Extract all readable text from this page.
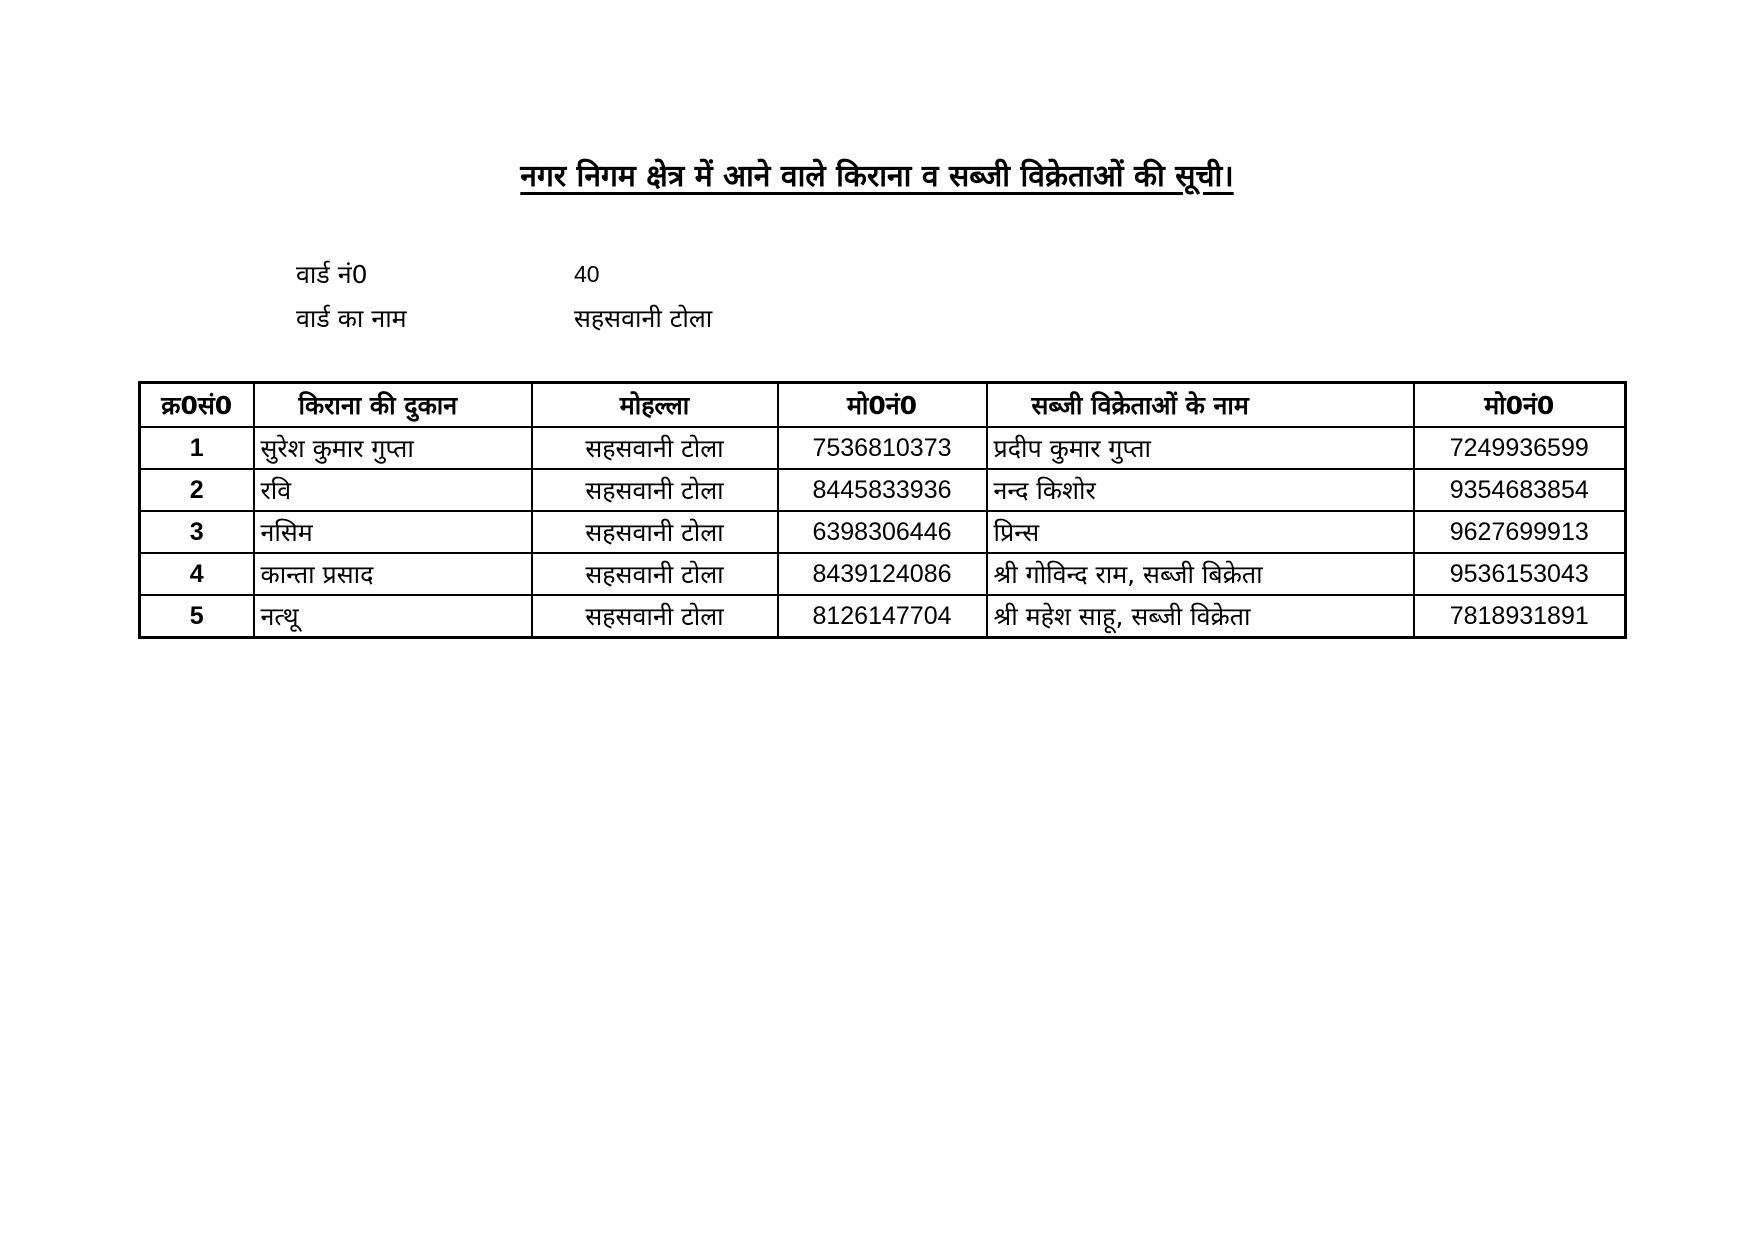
नगर निगम क्षेत्र में आने वाले किराना व सब्जी विक्रेताओं की सूची।
वार्ड नं0	40
वार्ड का नाम	सहसवानी टोला
क्र0सं0	किराना की दुकान	मोहल्ला	मो0नं0	सब्जी विक्रेताओं के नाम	मो0नं0
1	सुरेश कुमार गुप्ता	सहसवानी टोला	7536810373	प्रदीप कुमार गुप्ता	7249936599
2	रवि	सहसवानी टोला	8445833936	नन्द किशोर	9354683854
3	नसिम	सहसवानी टोला	6398306446	प्रिन्स	9627699913
4	कान्ता प्रसाद	सहसवानी टोला	8439124086	श्री गोविन्द राम, सब्जी बिक्रेता	9536153043
5	नत्थू	सहसवानी टोला	8126147704	श्री महेश साहू, सब्जी विक्रेता	7818931891
